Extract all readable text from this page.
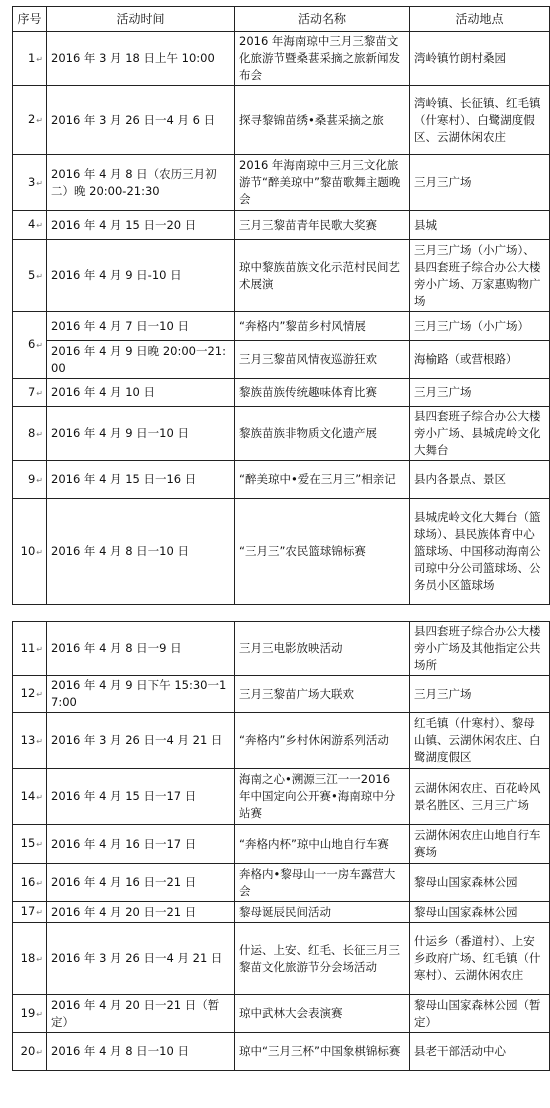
序号	活动时间	活动名称	活动地点
1 ↵	2016 年 3 月 18 日上午 10:00	2016 年海南琼中三月三黎苗文化旅游节暨桑葚采摘之旅新闻发布会	湾岭镇竹朗村桑园
2 ↵	2016 年 3 月 26 日一4 月 6 日	探寻黎锦苗绣•桑葚采摘之旅	湾岭镇、长征镇、红毛镇（什寒村）、白鹭湖度假区、云湖休闲农庄
3 ↵	2016 年 4 月 8 日（农历三月初二）晚 20:00-21:30	2016 年海南琼中三月三文化旅游节“醉美琼中”黎苗歌舞主题晚会	三月三广场
4 ↵	2016 年 4 月 15 日一20 日	三月三黎苗青年民歌大奖赛	县城
5 ↵	2016 年 4 月 9 日-10 日	琼中黎族苗族文化示范村民间艺术展演	三月三广场（小广场）、县四套班子综合办公大楼旁小广场、万家惠购物广场
6 ↵	2016 年 4 月 7 日一10 日	“奔格内”黎苗乡村风情展	三月三广场（小广场）
	2016 年 4 月 9 日晚 20:00一21:00	三月三黎苗风情夜巡游狂欢	海榆路（或营根路）
7 ↵	2016 年 4 月 10 日	黎族苗族传统趣味体育比赛	三月三广场
8 ↵	2016 年 4 月 9 日一10 日	黎族苗族非物质文化遗产展	县四套班子综合办公大楼旁小广场、县城虎岭文化大舞台
9 ↵	2016 年 4 月 15 日一16 日	“醉美琼中•爱在三月三”相亲记	县内各景点、景区
10 ↵	2016 年 4 月 8 日一10 日	“三月三”农民篮球锦标赛	县城虎岭文化大舞台（篮球场）、县民族体育中心篮球场、中国移动海南公司琼中分公司篮球场、公务员小区篮球场
11 ↵	2016 年 4 月 8 日一9 日	三月三电影放映活动	县四套班子综合办公大楼旁小广场及其他指定公共场所
12 ↵	2016 年 4 月 9 日下午 15:30一17:00	三月三黎苗广场大联欢	三月三广场
13 ↵	2016 年 3 月 26 日一4 月 21 日	“奔格内”乡村休闲游系列活动	红毛镇（什寒村）、黎母山镇、云湖休闲农庄、白鹭湖度假区
14 ↵	2016 年 4 月 15 日一17 日	海南之心•溯源三江一一2016 年中国定向公开赛•海南琼中分站赛	云湖休闲农庄、百花岭风景名胜区、三月三广场
15 ↵	2016 年 4 月 16 日一17 日	“奔格内杯”琼中山地自行车赛	云湖休闲农庄山地自行车赛场
16 ↵	2016 年 4 月 16 日一21 日	奔格内•黎母山一一房车露营大会	黎母山国家森林公园
17 ↵	2016 年 4 月 20 日一21 日	黎母诞辰民间活动	黎母山国家森林公园
18 ↵	2016 年 3 月 26 日一4 月 21 日	什运、上安、红毛、长征三月三黎苗文化旅游节分会场活动	什运乡（番道村）、上安乡政府广场、红毛镇（什寒村）、云湖休闲农庄
19 ↵	2016 年 4 月 20 日一21 日（暂定）	琼中武林大会表演赛	黎母山国家森林公园（暂定）
20 ↵	2016 年 4 月 8 日一10 日	琼中“三月三杯”中国象棋锦标赛	县老干部活动中心
